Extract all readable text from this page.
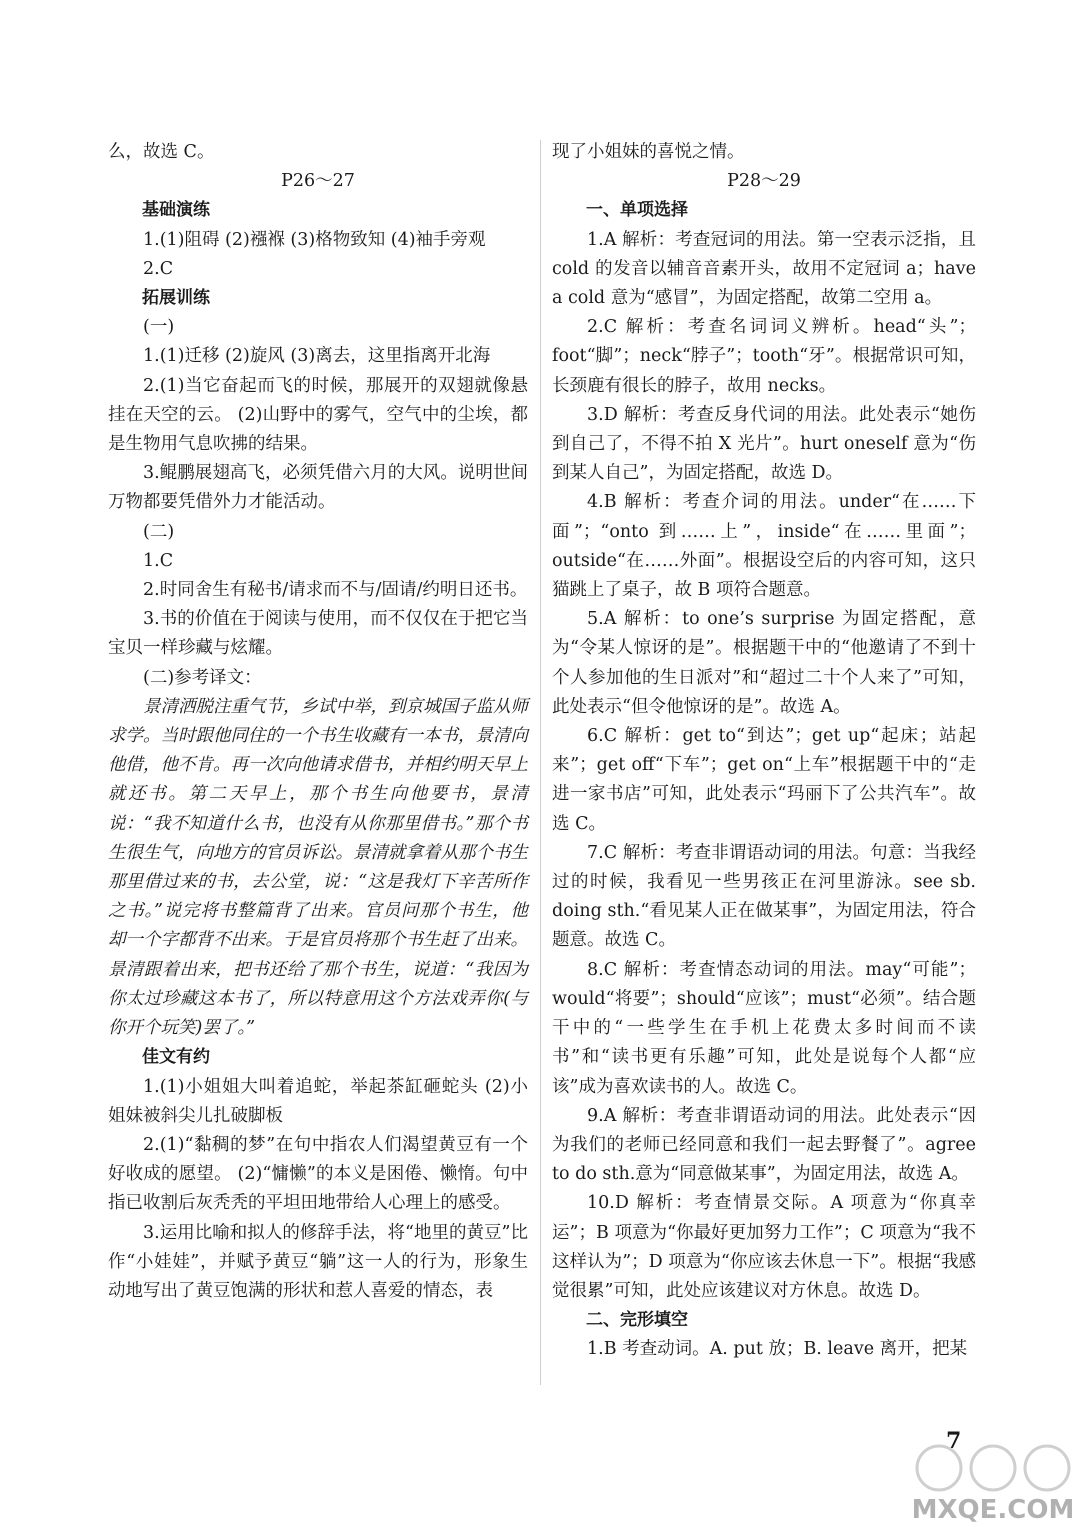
么，故选 C。

P26～27

基础演练

1.(1)阻碍 (2)襁褓 (3)格物致知 (4)袖手旁观

2.C

拓展训练

(一)

1.(1)迁移 (2)旋风 (3)离去，这里指离开北海

2.(1)当它奋起而飞的时候，那展开的双翅就像悬挂在天空的云。 (2)山野中的雾气，空气中的尘埃，都是生物用气息吹拂的结果。

3.鲲鹏展翅高飞，必须凭借六月的大风。说明世间万物都要凭借外力才能活动。

(二)

1.C

2.时同舍生有秘书/请求而不与/固请/约明日还书。

3.书的价值在于阅读与使用，而不仅仅在于把它当宝贝一样珍藏与炫耀。

(二)参考译文：

景清洒脱注重气节，乡试中举，到京城国子监从师求学。当时跟他同住的一个书生收藏有一本书，景清向他借，他不肯。再一次向他请求借书，并相约明天早上就还书。第二天早上，那个书生向他要书，景清说：“我不知道什么书，也没有从你那里借书。”那个书生很生气，向地方的官员诉讼。景清就拿着从那个书生那里借过来的书，去公堂，说：“这是我灯下辛苦所作之书。”说完将书整篇背了出来。官员问那个书生，他却一个字都背不出来。于是官员将那个书生赶了出来。景清跟着出来，把书还给了那个书生，说道：“我因为你太过珍藏这本书了，所以特意用这个方法戏弄你(与你开个玩笑)罢了。”

佳文有约

1.(1)小姐姐大叫着追蛇，举起茶缸砸蛇头 (2)小姐妹被斜尖儿扎破脚板

2.(1)“黏稠的梦”在句中指农人们渴望黄豆有一个好收成的愿望。 (2)“慵懒”的本义是困倦、懒惰。句中指已收割后灰秃秃的平坦田地带给人心理上的感受。

3.运用比喻和拟人的修辞手法，将“地里的黄豆”比作“小娃娃”，并赋予黄豆“躺”这一人的行为，形象生动地写出了黄豆饱满的形状和惹人喜爱的情态，表

现了小姐妹的喜悦之情。

P28～29

一、单项选择

1.A 解析：考查冠词的用法。第一空表示泛指，且 cold 的发音以辅音音素开头，故用不定冠词 a；have a cold 意为“感冒”，为固定搭配，故第二空用 a。

2.C 解析：考查名词词义辨析。head“头”；foot“脚”；neck“脖子”；tooth“牙”。根据常识可知，长颈鹿有很长的脖子，故用 necks。

3.D 解析：考查反身代词的用法。此处表示“她伤到自己了，不得不拍 X 光片”。hurt oneself 意为“伤到某人自己”，为固定搭配，故选 D。

4.B 解析：考查介词的用法。under“在……下面”；“onto 到……上”，inside“在……里面”；outside“在……外面”。根据设空后的内容可知，这只猫跳上了桌子，故 B 项符合题意。

5.A 解析：to one’s surprise 为固定搭配，意为“令某人惊讶的是”。根据题干中的“他邀请了不到十个人参加他的生日派对”和“超过二十个人来了”可知，此处表示“但令他惊讶的是”。故选 A。

6.C 解析：get to“到达”；get up“起床；站起来”；get off“下车”；get on“上车”根据题干中的“走进一家书店”可知，此处表示“玛丽下了公共汽车”。故选 C。

7.C 解析：考查非谓语动词的用法。句意：当我经过的时候，我看见一些男孩正在河里游泳。see sb. doing sth.“看见某人正在做某事”，为固定用法，符合题意。故选 C。

8.C 解析：考查情态动词的用法。may“可能”；would“将要”；should“应该”；must“必须”。结合题干中的“一些学生在手机上花费太多时间而不读书”和“读书更有乐趣”可知，此处是说每个人都“应该”成为喜欢读书的人。故选 C。

9.A 解析：考查非谓语动词的用法。此处表示“因为我们的老师已经同意和我们一起去野餐了”。agree to do sth.意为“同意做某事”，为固定用法，故选 A。

10.D 解析：考查情景交际。A 项意为“你真幸运”；B 项意为“你最好更加努力工作”；C 项意为“我不这样认为”；D 项意为“你应该去休息一下”。根据“我感觉很累”可知，此处应该建议对方休息。故选 D。

二、完形填空

1.B 考查动词。A. put 放；B. leave 离开，把某

7
MXQE.COM
